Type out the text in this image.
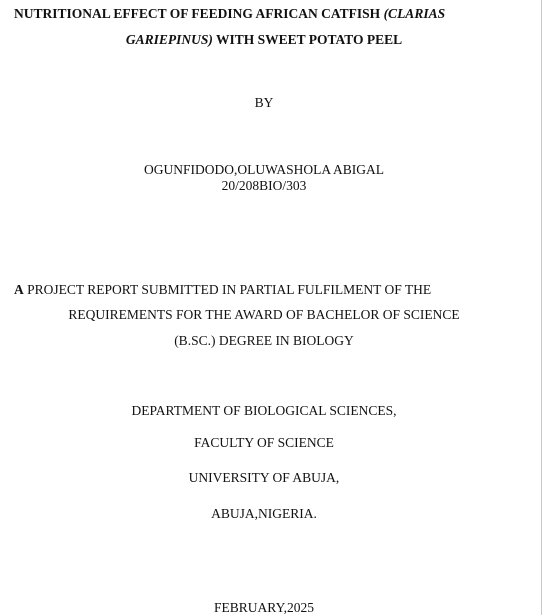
NUTRITIONAL EFFECT OF FEEDING AFRICAN CATFISH (CLARIAS
GARIEPINUS) WITH SWEET POTATO PEEL
BY
OGUNFIDODO,OLUWASHOLA ABIGAL
20/208BIO/303
A PROJECT REPORT SUBMITTED IN PARTIAL FULFILMENT OF THE
REQUIREMENTS FOR THE AWARD OF BACHELOR OF SCIENCE
(B.SC.) DEGREE IN BIOLOGY
DEPARTMENT OF BIOLOGICAL SCIENCES,
FACULTY OF SCIENCE
UNIVERSITY OF ABUJA,
ABUJA,NIGERIA.
FEBRUARY,2025
